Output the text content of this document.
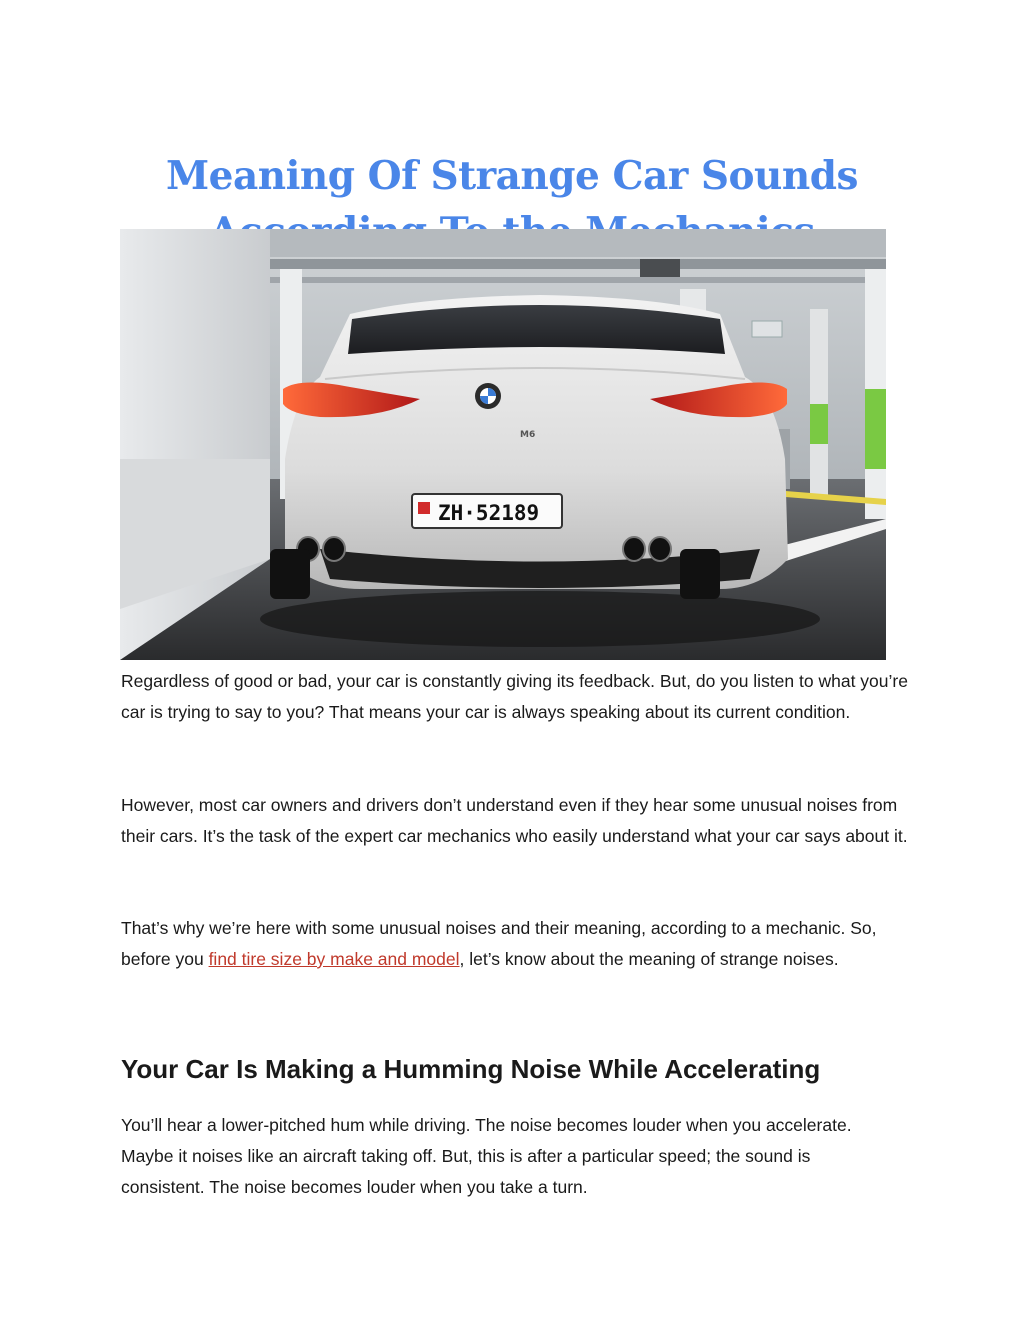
Meaning Of Strange Car Sounds
ZH·52189
M6

Regardless of good or bad, your car is constantly giving its feedback. But, do you listen to what you’re car is trying to say to you? That means your car is always speaking about its current condition.

However, most car owners and drivers don’t understand even if they hear some unusual noises from their cars. It’s the task of the expert car mechanics who easily understand what your car says about it.

That’s why we’re here with some unusual noises and their meaning, according to a mechanic. So, before you find tire size by make and model, let’s know about the meaning of strange noises.

Your Car Is Making a Humming Noise While Accelerating

You’ll hear a lower-pitched hum while driving. The noise becomes louder when you accelerate. Maybe it noises like an aircraft taking off. But, this is after a particular speed; the sound is consistent. The noise becomes louder when you take a turn.
